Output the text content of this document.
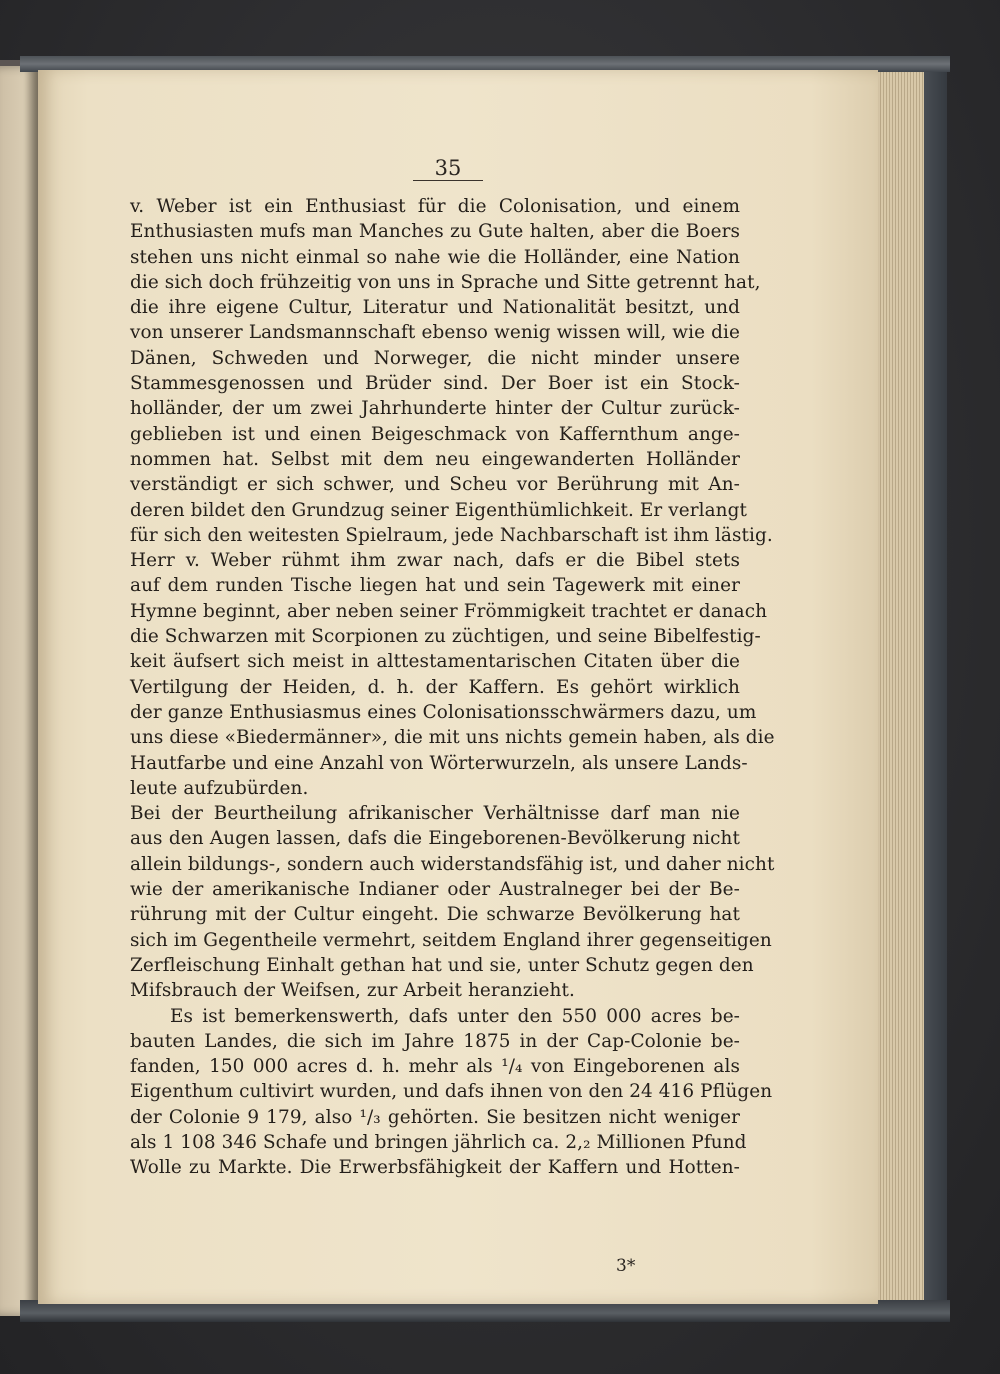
35
v. Weber ist ein Enthusiast für die Colonisation, und einem
Enthusiasten mufs man Manches zu Gute halten, aber die Boers
stehen uns nicht einmal so nahe wie die Holländer, eine Nation
die sich doch frühzeitig von uns in Sprache und Sitte getrennt hat,
die ihre eigene Cultur, Literatur und Nationalität besitzt, und
von unserer Landsmannschaft ebenso wenig wissen will, wie die
Dänen, Schweden und Norweger, die nicht minder unsere
Stammesgenossen und Brüder sind. Der Boer ist ein Stock-
holländer, der um zwei Jahrhunderte hinter der Cultur zurück-
geblieben ist und einen Beigeschmack von Kaffernthum ange-
nommen hat. Selbst mit dem neu eingewanderten Holländer
verständigt er sich schwer, und Scheu vor Berührung mit An-
deren bildet den Grundzug seiner Eigenthümlichkeit. Er verlangt
für sich den weitesten Spielraum, jede Nachbarschaft ist ihm lästig.
Herr v. Weber rühmt ihm zwar nach, dafs er die Bibel stets
auf dem runden Tische liegen hat und sein Tagewerk mit einer
Hymne beginnt, aber neben seiner Frömmigkeit trachtet er danach
die Schwarzen mit Scorpionen zu züchtigen, und seine Bibelfestig-
keit äufsert sich meist in alttestamentarischen Citaten über die
Vertilgung der Heiden, d. h. der Kaffern. Es gehört wirklich
der ganze Enthusiasmus eines Colonisationsschwärmers dazu, um
uns diese «Biedermänner», die mit uns nichts gemein haben, als die
Hautfarbe und eine Anzahl von Wörterwurzeln, als unsere Lands-
leute aufzubürden.
Bei der Beurtheilung afrikanischer Verhältnisse darf man nie
aus den Augen lassen, dafs die Eingeborenen-Bevölkerung nicht
allein bildungs-, sondern auch widerstandsfähig ist, und daher nicht
wie der amerikanische Indianer oder Australneger bei der Be-
rührung mit der Cultur eingeht. Die schwarze Bevölkerung hat
sich im Gegentheile vermehrt, seitdem England ihrer gegenseitigen
Zerfleischung Einhalt gethan hat und sie, unter Schutz gegen den
Mifsbrauch der Weifsen, zur Arbeit heranzieht.
Es ist bemerkenswerth, dafs unter den 550 000 acres be-
bauten Landes, die sich im Jahre 1875 in der Cap-Colonie be-
fanden, 150 000 acres d. h. mehr als ¹/₄ von Eingeborenen als
Eigenthum cultivirt wurden, und dafs ihnen von den 24 416 Pflügen
der Colonie 9 179, also ¹/₃ gehörten. Sie besitzen nicht weniger
als 1 108 346 Schafe und bringen jährlich ca. 2,₂ Millionen Pfund
Wolle zu Markte. Die Erwerbsfähigkeit der Kaffern und Hotten-
3*
